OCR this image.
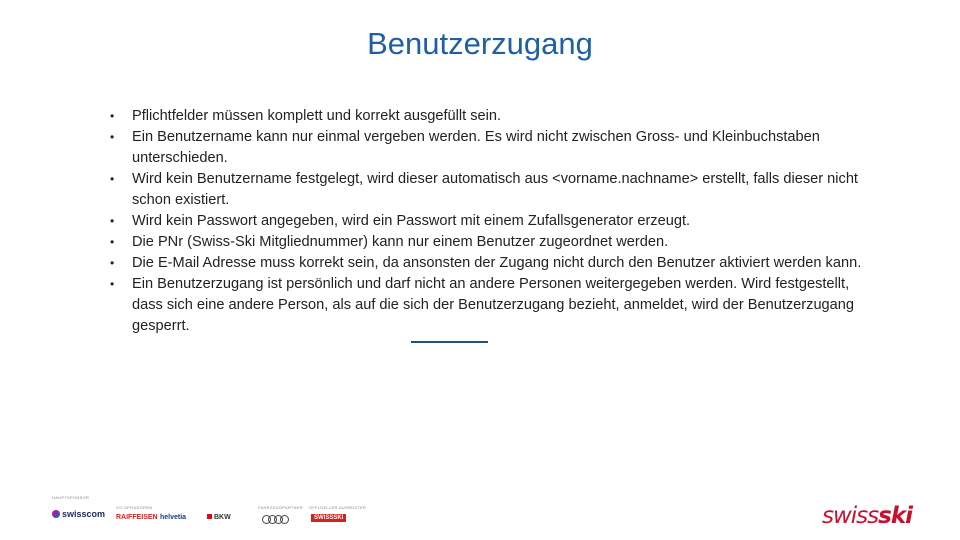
Benutzerzugang
• Pflichtfelder müssen komplett und korrekt ausgefüllt sein.
• Ein Benutzername kann nur einmal vergeben werden. Es wird nicht zwischen Gross- und Kleinbuchstaben unterschieden.
• Wird kein Benutzername festgelegt, wird dieser automatisch aus <vorname.nachname> erstellt, falls dieser nicht schon existiert.
• Wird kein Passwort angegeben, wird ein Passwort mit einem Zufallsgenerator erzeugt.
• Die PNr (Swiss-Ski Mitgliednummer) kann nur einem Benutzer zugeordnet werden.
• Die E-Mail Adresse muss korrekt sein, da ansonsten der Zugang nicht durch den Benutzer aktiviert werden kann.
• Ein Benutzerzugang ist persönlich und darf nicht an andere Personen weitergegeben werden. Wird festgestellt, dass sich eine andere Person, als auf die sich der Benutzerzugang bezieht, anmeldet, wird der Benutzerzugang gesperrt.
HAUPTSPONSOR
CO-SPONSOREN	FAHRZEUGPARTNER OFFIZIELLER AUSRÜSTER
swisscom RAIFFEISEN helvetia	BKW	SWISSSKI	swissski
